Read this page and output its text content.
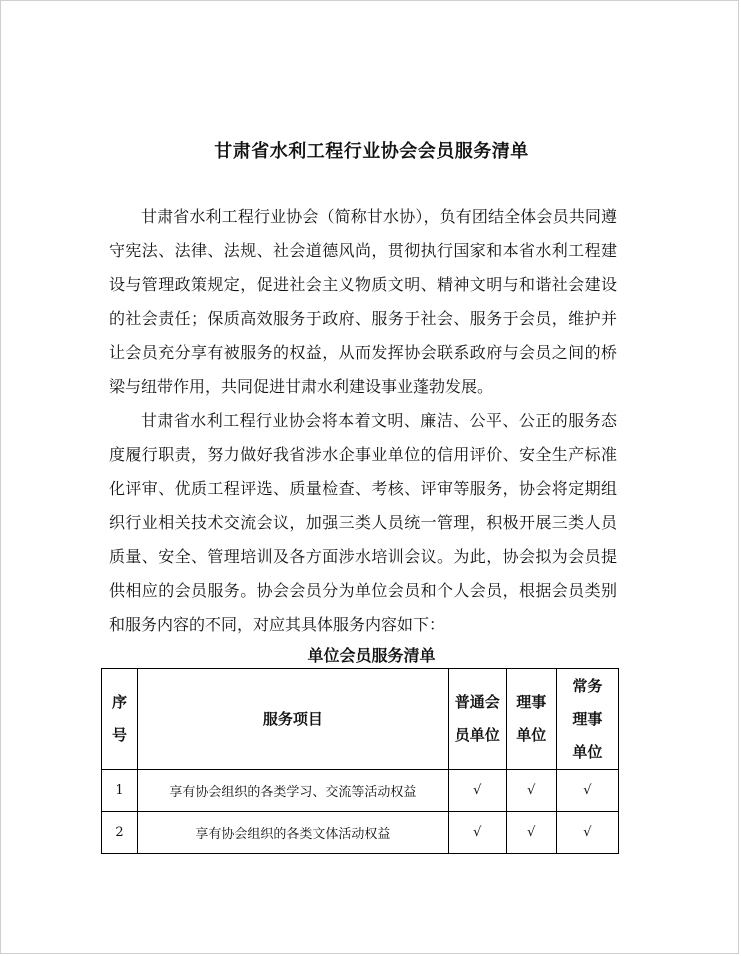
甘肃省水利工程行业协会会员服务清单

甘肃省水利工程行业协会（简称甘水协），负有团结全体会员共同遵守宪法、法律、法规、社会道德风尚，贯彻执行国家和本省水利工程建设与管理政策规定，促进社会主义物质文明、精神文明与和谐社会建设的社会责任；保质高效服务于政府、服务于社会、服务于会员，维护并让会员充分享有被服务的权益，从而发挥协会联系政府与会员之间的桥梁与纽带作用，共同促进甘肃水利建设事业蓬勃发展。

甘肃省水利工程行业协会将本着文明、廉洁、公平、公正的服务态度履行职责，努力做好我省涉水企事业单位的信用评价、安全生产标准化评审、优质工程评选、质量检查、考核、评审等服务，协会将定期组织行业相关技术交流会议，加强三类人员统一管理，积极开展三类人员质量、安全、管理培训及各方面涉水培训会议。为此，协会拟为会员提供相应的会员服务。协会会员分为单位会员和个人会员，根据会员类别和服务内容的不同，对应其具体服务内容如下：

单位会员服务清单
序号	服务项目	普通会员单位	理事单位	常务理事单位
1	享有协会组织的各类学习、交流等活动权益	√	√	√
2	享有协会组织的各类文体活动权益	√	√	√
